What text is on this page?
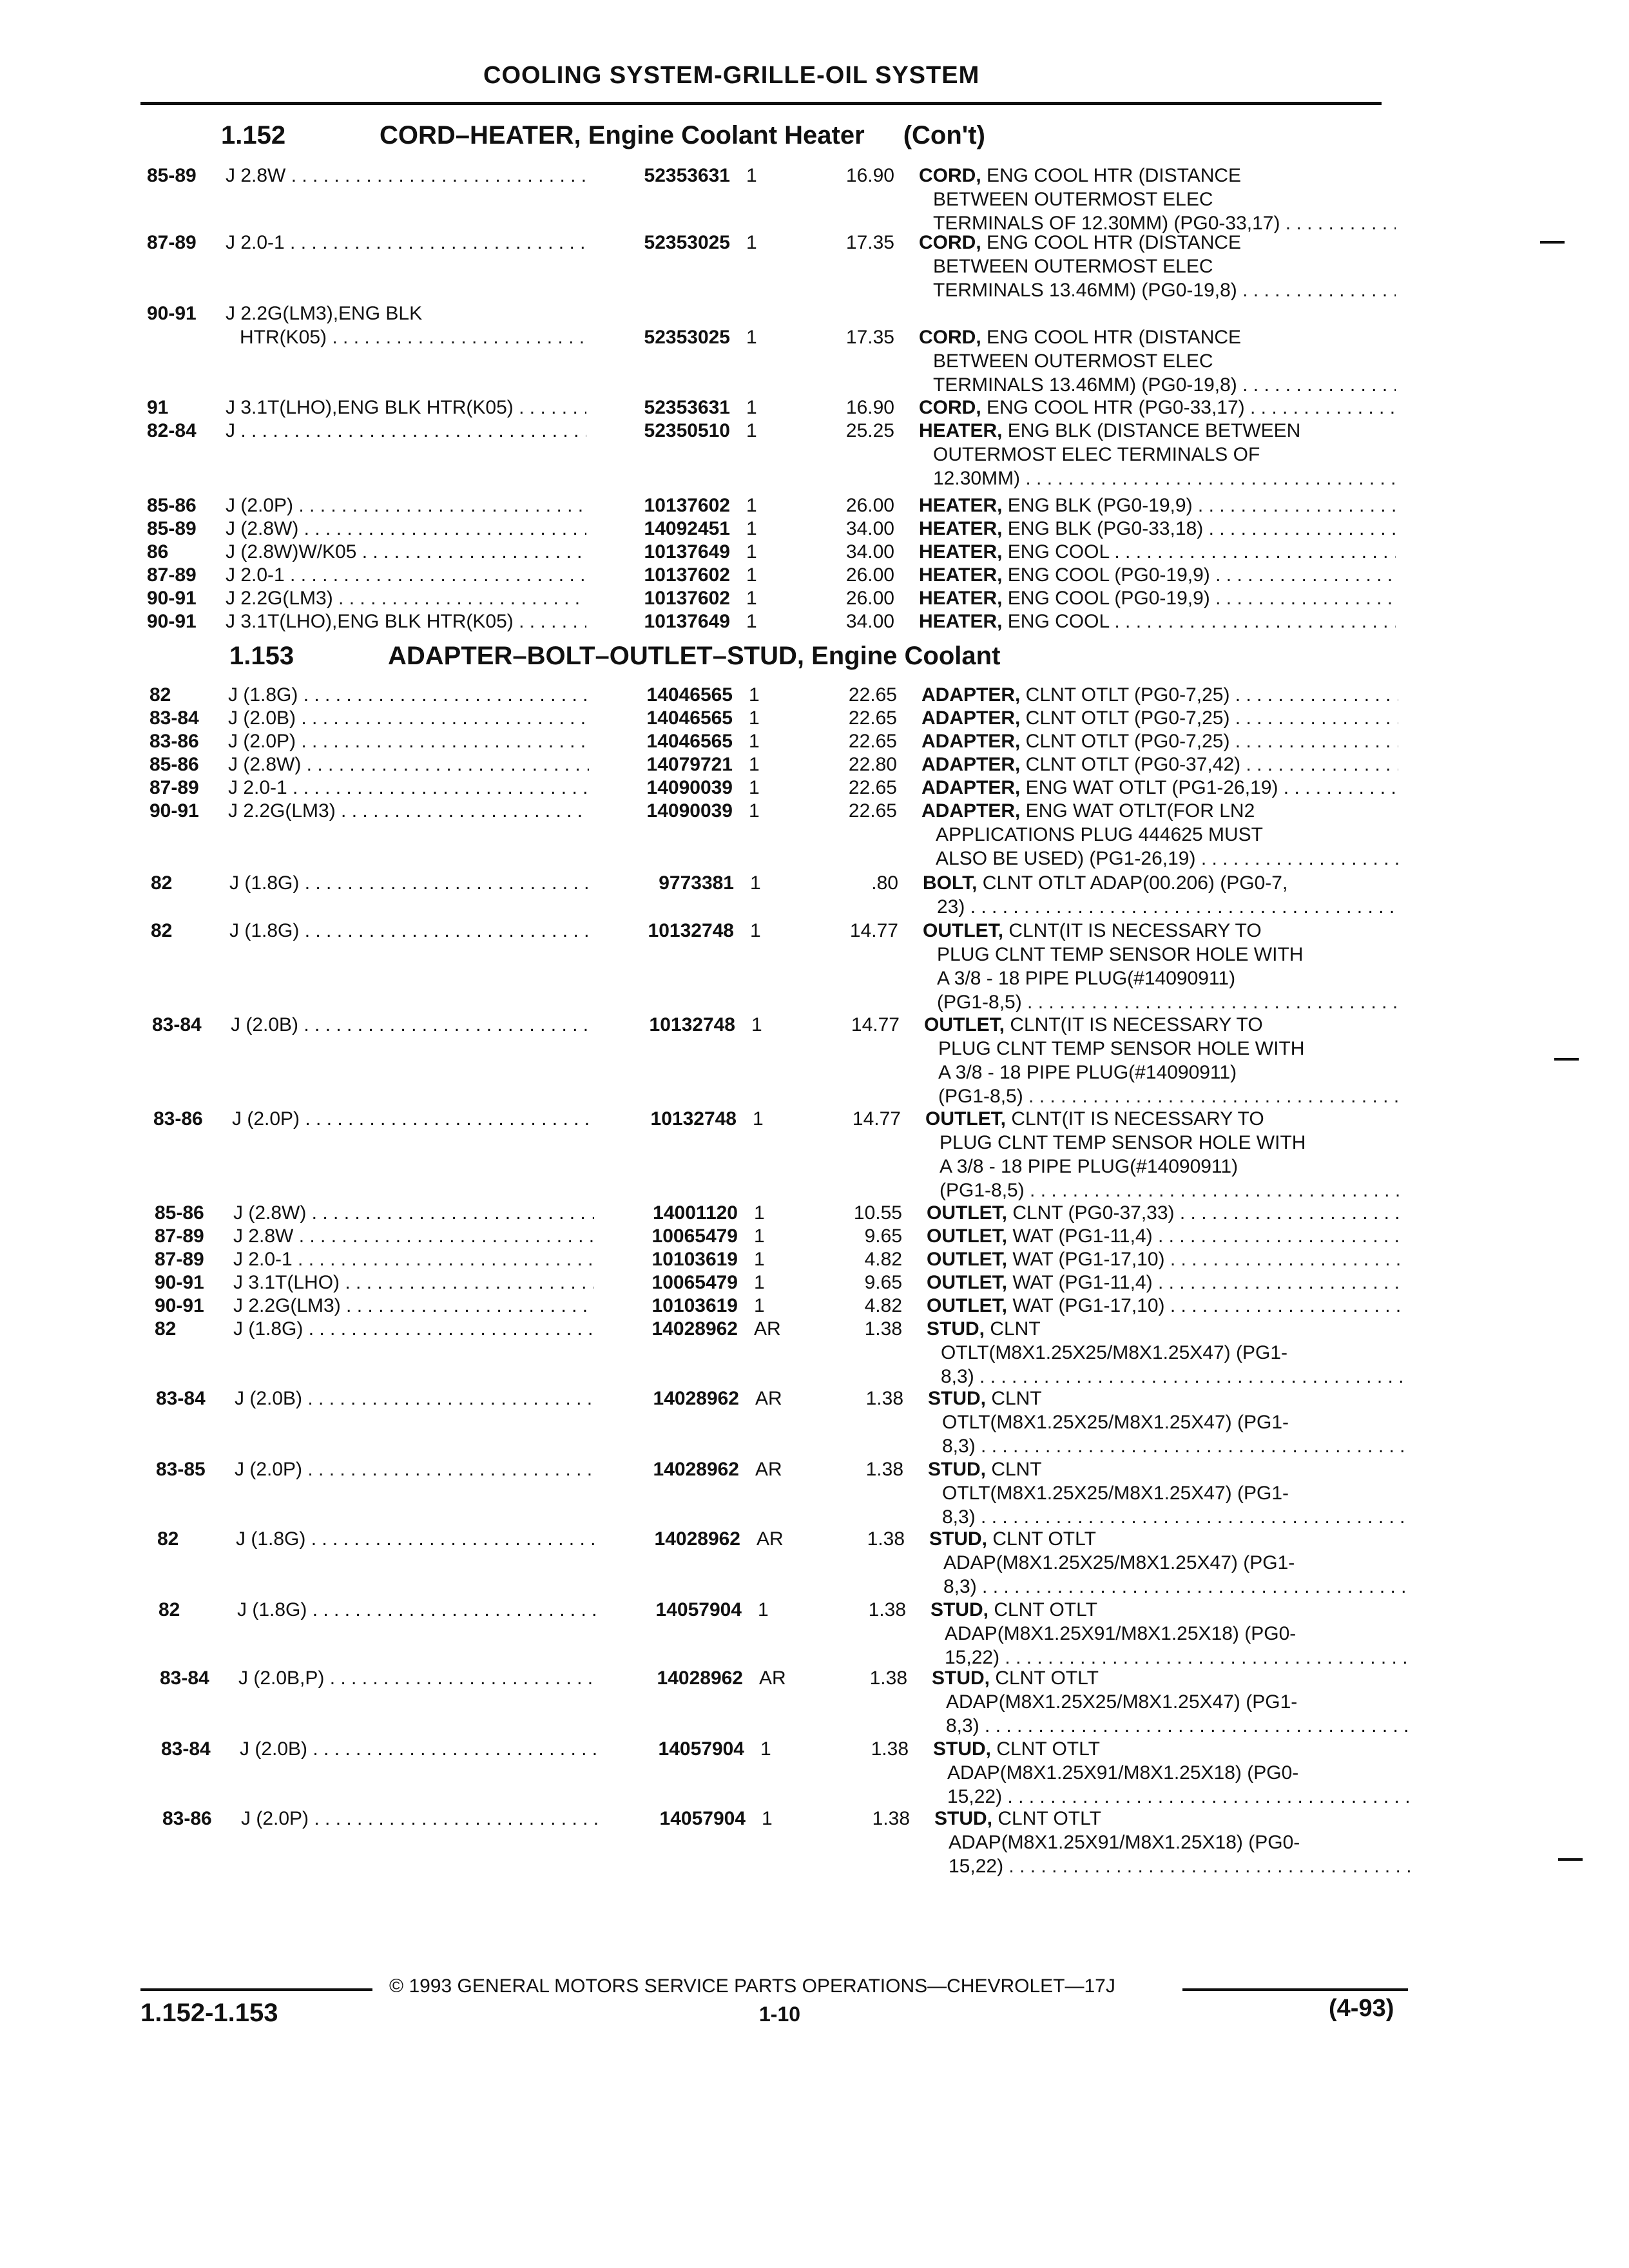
COOLING SYSTEM-GRILLE-OIL SYSTEM
1.152	CORD–HEATER, Engine Coolant Heater (Con't)
1.153	ADAPTER–BOLT–OUTLET–STUD, Engine Coolant
85-89	J 2.8W . . .	52353631 1	16.90 CORD, ENG COOL HTR (DISTANCE
BETWEEN OUTERMOST ELEC
TERMINALS OF 12.30MM) (PG0-33,17) . . . .
87-89	J 2.0-1 . . .	52353025 1	17.35 CORD, ENG COOL HTR (DISTANCE
BETWEEN OUTERMOST ELEC
TERMINALS 13.46MM) (PG0-19,8) . . .
90-91	J 2.2G(LM3),ENG BLK
HTR(K05) . . .	52353025 1	17.35 CORD, ENG COOL HTR (DISTANCE
BETWEEN OUTERMOST ELEC
TERMINALS 13.46MM) (PG0-19,8) . . .
91	J 3.1T(LHO),ENG BLK HTR(K05) . . .	52353631 1	16.90 CORD, ENG COOL HTR (PG0-33,17) . . .
82-84	J . . .	52350510 1	25.25 HEATER, ENG BLK (DISTANCE BETWEEN
OUTERMOST ELEC TERMINALS OF
12.30MM) . . .
85-86	J (2.0P) . . .	10137602 1	26.00 HEATER, ENG BLK (PG0-19,9) . . .
85-89	J (2.8W) . . .	14092451 1	34.00 HEATER, ENG BLK (PG0-33,18) . . .
86	J (2.8W)W/K05 . . .	10137649 1	34.00 HEATER, ENG COOL . . .
87-89	J 2.0-1 . . .	10137602 1	26.00 HEATER, ENG COOL (PG0-19,9) . . .
90-91	J 2.2G(LM3) . . .	10137602 1	26.00 HEATER, ENG COOL (PG0-19,9) . . .
90-91	J 3.1T(LHO),ENG BLK HTR(K05) . . .	10137649 1	34.00 HEATER, ENG COOL . . .
82	J (1.8G) . . .	14046565 1	22.65 ADAPTER, CLNT OTLT (PG0-7,25) . . .
83-84	J (2.0B) . . .	14046565 1	22.65 ADAPTER, CLNT OTLT (PG0-7,25) . . .
83-86	J (2.0P) . . .	14046565 1	22.65 ADAPTER, CLNT OTLT (PG0-7,25) . . .
85-86	J (2.8W) . . .	14079721 1	22.80 ADAPTER, CLNT OTLT (PG0-37,42) . . .
87-89	J 2.0-1 . . .	14090039 1	22.65 ADAPTER, ENG WAT OTLT (PG1-26,19) . . . .
90-91	J 2.2G(LM3) . . .	14090039 1	22.65 ADAPTER, ENG WAT OTLT(FOR LN2
APPLICATIONS PLUG 444625 MUST
ALSO BE USED) (PG1-26,19) . . .
82	J (1.8G) . . .	9773381 1	.80 BOLT, CLNT OTLT ADAP(00.206) (PG0-7,
23) . . .
82	J (1.8G) . . .	10132748 1	14.77 OUTLET, CLNT(IT IS NECESSARY TO
PLUG CLNT TEMP SENSOR HOLE WITH
A 3/8 - 18 PIPE PLUG(#14090911)
(PG1-8,5) . . .
83-84	J (2.0B) . . .	10132748 1	14.77 OUTLET, CLNT(IT IS NECESSARY TO
PLUG CLNT TEMP SENSOR HOLE WITH
A 3/8 - 18 PIPE PLUG(#14090911)
(PG1-8,5) . . .
83-86	J (2.0P) . . .	10132748 1	14.77 OUTLET, CLNT(IT IS NECESSARY TO
PLUG CLNT TEMP SENSOR HOLE WITH
A 3/8 - 18 PIPE PLUG(#14090911)
(PG1-8,5) . . .
85-86	J (2.8W) . . .	14001120 1	10.55 OUTLET, CLNT (PG0-37,33) . . .
87-89	J 2.8W . . .	10065479 1	9.65 OUTLET, WAT (PG1-11,4) . . .
87-89	J 2.0-1 . . .	10103619 1	4.82 OUTLET, WAT (PG1-17,10) . . .
90-91	J 3.1T(LHO) . . .	10065479 1	9.65 OUTLET, WAT (PG1-11,4) . . .
90-91	J 2.2G(LM3) . . .	10103619 1	4.82 OUTLET, WAT (PG1-17,10) . . .
82	J (1.8G) . . .	14028962 AR	1.38 STUD, CLNT
OTLT(M8X1.25X25/M8X1.25X47) (PG1-
8,3) . . .
83-84	J (2.0B) . . .	14028962 AR	1.38 STUD, CLNT
OTLT(M8X1.25X25/M8X1.25X47) (PG1-
8,3) . . .
83-85	J (2.0P) . . .	14028962 AR	1.38 STUD, CLNT
OTLT(M8X1.25X25/M8X1.25X47) (PG1-
8,3) . . .
82	J (1.8G) . . .	14028962 AR	1.38 STUD, CLNT OTLT
ADAP(M8X1.25X25/M8X1.25X47) (PG1-
8,3) . . .
82	J (1.8G) . . .	14057904 1	1.38 STUD, CLNT OTLT
ADAP(M8X1.25X91/M8X1.25X18) (PG0-
15,22) . . .
83-84	J (2.0B,P) . . .	14028962 AR	1.38 STUD, CLNT OTLT
ADAP(M8X1.25X25/M8X1.25X47) (PG1-
8,3) . . .
83-84	J (2.0B) . . .	14057904 1	1.38 STUD, CLNT OTLT
ADAP(M8X1.25X91/M8X1.25X18) (PG0-
15,22) . . .
83-86	J (2.0P) . . .	14057904 1	1.38 STUD, CLNT OTLT
ADAP(M8X1.25X91/M8X1.25X18) (PG0-
15,22) . . .
© 1993 GENERAL MOTORS SERVICE PARTS OPERATIONS—CHEVROLET—17J
1.152-1.153	1-10	(4-93)
